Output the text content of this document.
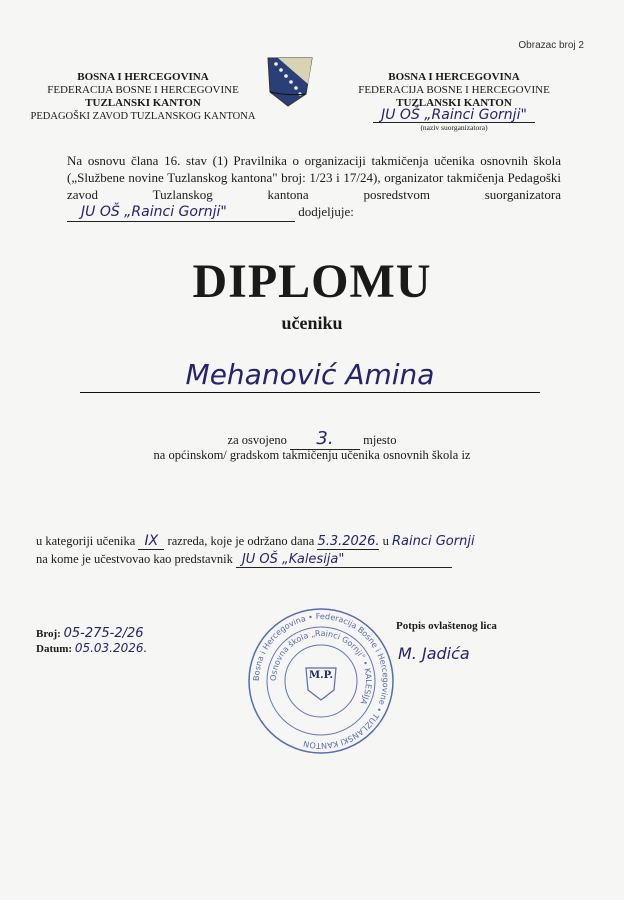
Obrazac broj 2
BOSNA I HERCEGOVINA
FEDERACIJA BOSNE I HERCEGOVINE
TUZLANSKI KANTON
PEDAGOŠKI ZAVOD TUZLANSKOG KANTONA
BOSNA I HERCEGOVINA
FEDERACIJA BOSNE I HERCEGOVINE
TUZLANSKI KANTON
JU OŠ „Rainci Gornji"
(naziv suorganizatora)
Na osnovu člana 16. stav (1) Pravilnika o organizaciji takmičenja učenika osnovnih škola („Službene novine Tuzlanskog kantona" broj: 1/23 i 17/24), organizator takmičenja Pedagoški zavod Tuzlanskog kantona posredstvom suorganizatora JU OŠ „Rainci Gornji"	dodjeljuje:
DIPLOMU
učeniku
Mehanović Amina
za osvojeno 3. mjesto
na općinskom/ gradskom takmičenju učenika osnovnih škola iz
u kategoriji učenika IX razreda, koje je održano dana 5.3.2026. u Rainci Gornji
na kome je učestvovao kao predstavnik JU OŠ „Kalesija"
Broj: 05-275-2/26
Datum: 05.03.2026.
Bosna i Hercegovina • Federacija Bosne i Hercegovine • TUZLANSKI KANTON
Osnovna škola „Rainci Gornji" • KALESIJA
M.P.
Potpis ovlaštenog lica
M. Jadića
